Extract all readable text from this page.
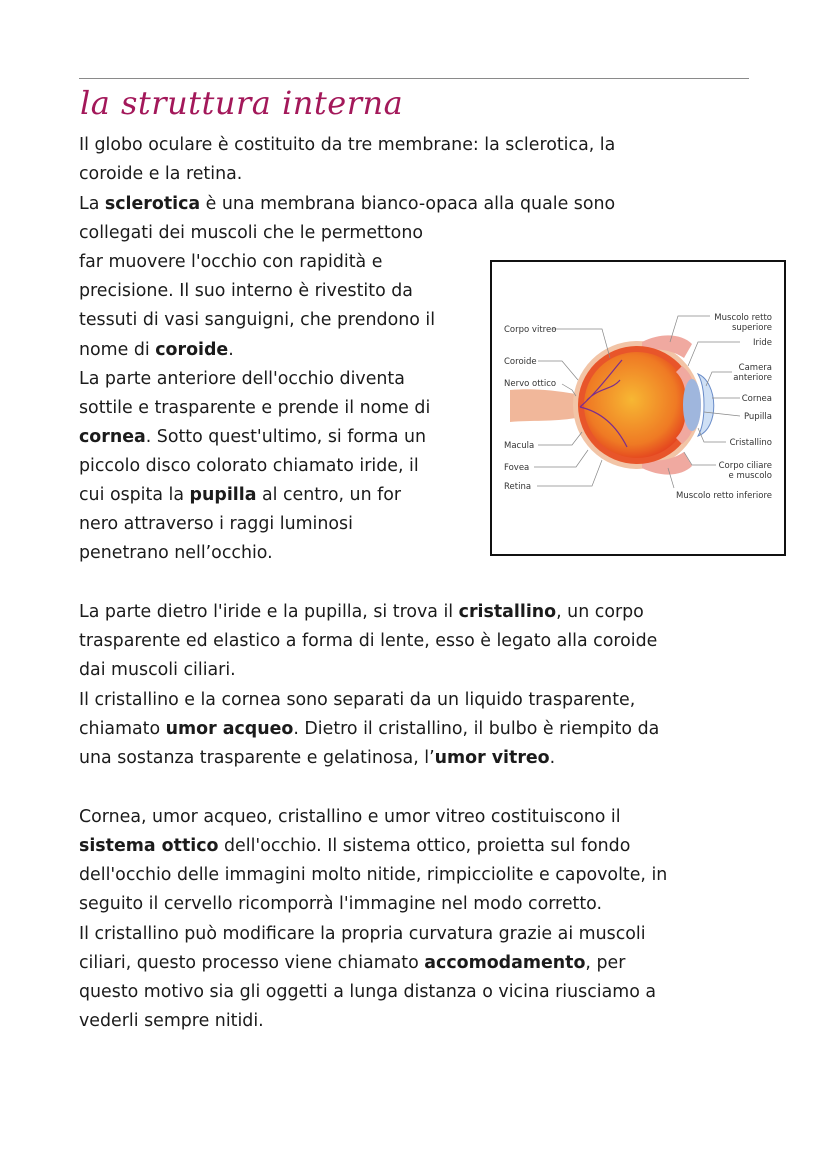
la struttura interna

Il globo oculare è costituito da tre membrane: la sclerotica, la

coroide e la retina.

La sclerotica è una membrana bianco-opaca alla quale sono

collegati dei muscoli che le permettono

far muovere l'occhio con rapidità e

precisione. Il suo interno è rivestito da

tessuti di vasi sanguigni, che prendono il

nome di coroide.

La parte anteriore dell'occhio diventa

sottile e trasparente e prende il nome di

cornea. Sotto quest'ultimo, si forma un

piccolo disco colorato chiamato iride, il

cui ospita la pupilla al centro, un for

nero attraverso i raggi luminosi

penetrano nell’occhio.

Corpo vitreo
Coroide
Nervo ottico
Macula
Fovea
Retina
Muscolo retto
superiore
Iride
Camera
anteriore
Cornea
Pupilla
Cristallino
Corpo ciliare
e muscolo
Muscolo retto inferiore

La parte dietro l'iride e la pupilla, si trova il cristallino, un corpo

trasparente ed elastico a forma di lente, esso è legato alla coroide

dai muscoli ciliari.

Il cristallino e la cornea sono separati da un liquido trasparente,

chiamato umor acqueo. Dietro il cristallino, il bulbo è riempito da

una sostanza trasparente e gelatinosa, l’umor vitreo.

Cornea, umor acqueo, cristallino e umor vitreo costituiscono il

sistema ottico dell'occhio. Il sistema ottico, proietta sul fondo

dell'occhio delle immagini molto nitide, rimpicciolite e capovolte, in

seguito il cervello ricomporrà l'immagine nel modo corretto.

Il cristallino può modificare la propria curvatura grazie ai muscoli

ciliari, questo processo viene chiamato accomodamento, per

questo motivo sia gli oggetti a lunga distanza o vicina riusciamo a

vederli sempre nitidi.
